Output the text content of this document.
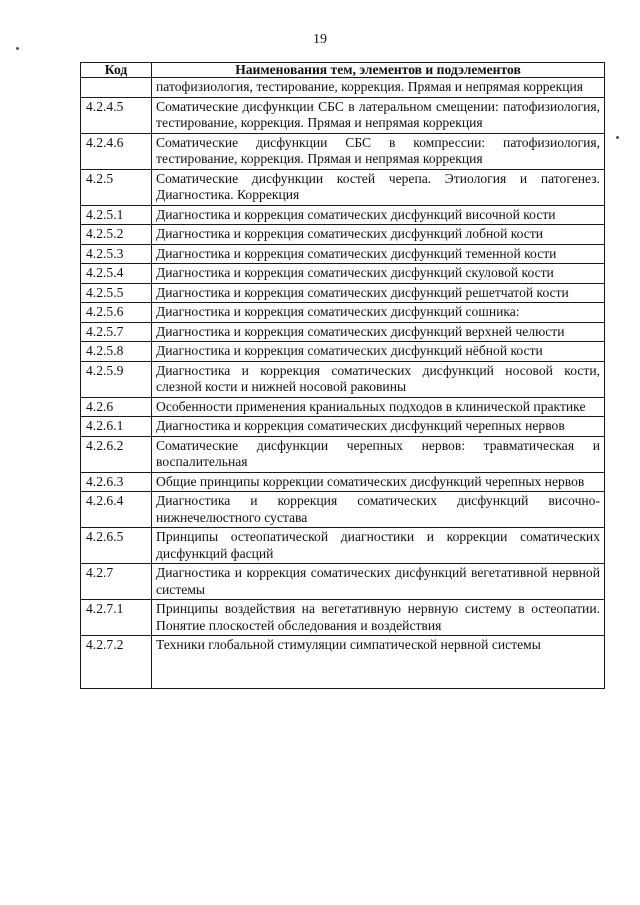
19
Код	Наименования тем, элементов и подэлементов
	патофизиология, тестирование, коррекция. Прямая и непрямая коррекция
4.2.4.5	Соматические дисфункции СБС в латеральном смещении: патофизиология, тестирование, коррекция. Прямая и непрямая коррекция
4.2.4.6	Соматические дисфункции СБС в компрессии: патофизиология, тестирование, коррекция. Прямая и непрямая коррекция
4.2.5	Соматические дисфункции костей черепа. Этиология и патогенез. Диагностика. Коррекция
4.2.5.1	Диагностика и коррекция соматических дисфункций височной кости
4.2.5.2	Диагностика и коррекция соматических дисфункций лобной кости
4.2.5.3	Диагностика и коррекция соматических дисфункций теменной кости
4.2.5.4	Диагностика и коррекция соматических дисфункций скуловой кости
4.2.5.5	Диагностика и коррекция соматических дисфункций решетчатой кости
4.2.5.6	Диагностика и коррекция соматических дисфункций сошника:
4.2.5.7	Диагностика и коррекция соматических дисфункций верхней челюсти
4.2.5.8	Диагностика и коррекция соматических дисфункций нёбной кости
4.2.5.9	Диагностика и коррекция соматических дисфункций носовой кости, слезной кости и нижней носовой раковины
4.2.6	Особенности применения краниальных подходов в клинической практике
4.2.6.1	Диагностика и коррекция соматических дисфункций черепных нервов
4.2.6.2	Соматические дисфункции черепных нервов: травматическая и воспалительная
4.2.6.3	Общие принципы коррекции соматических дисфункций черепных нервов
4.2.6.4	Диагностика и коррекция соматических дисфункций височно-нижнечелюстного сустава
4.2.6.5	Принципы остеопатической диагностики и коррекции соматических дисфункций фасций
4.2.7	Диагностика и коррекция соматических дисфункций вегетативной нервной системы
4.2.7.1	Принципы воздействия на вегетативную нервную систему в остеопатии. Понятие плоскостей обследования и воздействия
4.2.7.2	Техники глобальной стимуляции симпатической нервной системы
